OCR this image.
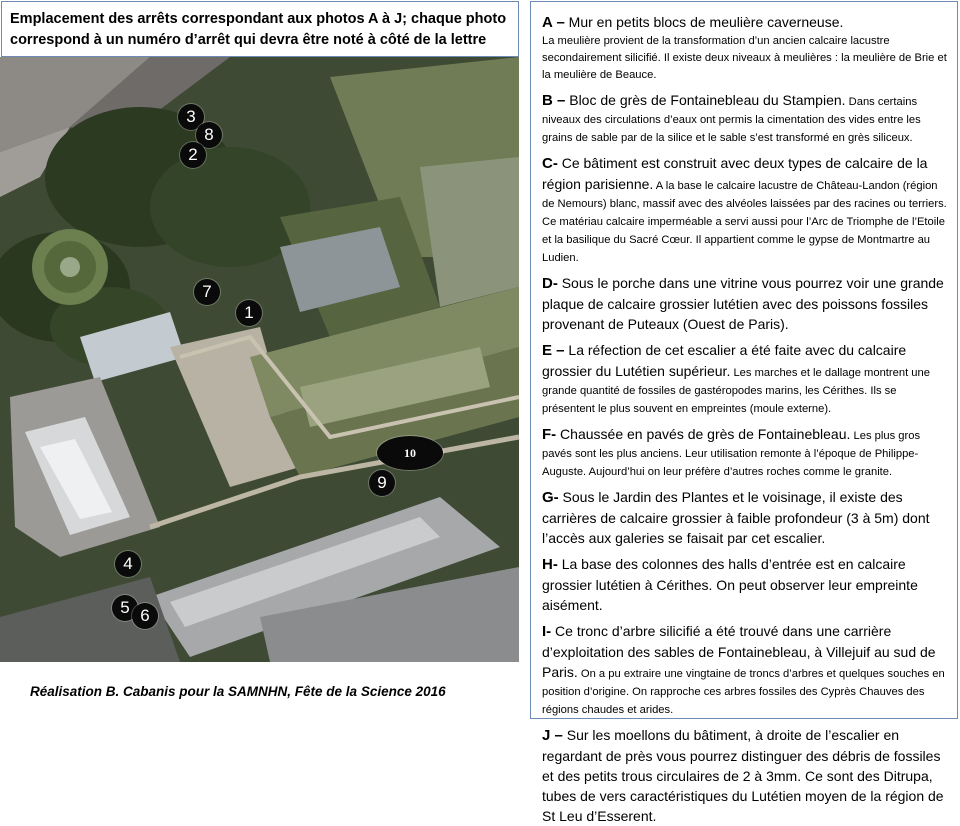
Emplacement des arrêts correspondant aux photos A à J; chaque photo
correspond à un numéro d’arrêt qui devra être noté à côté de la lettre
3
8
2
7
1
10
9
4
5 6
Réalisation B. Cabanis pour la SAMNHN, Fête de la Science 2016
A – Mur en petits blocs de meulière caverneuse.
La meulière provient de la transformation d’un ancien calcaire lacustre secondairement silicifié. Il existe deux niveaux à meulières : la meulière de Brie et la meulière de Beauce.
B – Bloc de grès de Fontainebleau du Stampien. Dans certains niveaux des circulations d’eaux ont permis la cimentation des vides entre les grains de sable par de la silice et le sable s’est transformé en grès siliceux.
C- Ce bâtiment est construit avec deux types de calcaire de la région parisienne. A la base le calcaire lacustre de Château-Landon (région de Nemours) blanc, massif avec des alvéoles laissées par des racines ou terriers. Ce matériau calcaire imperméable a servi aussi pour l’Arc de Triomphe de l’Etoile et la basilique du Sacré Cœur. Il appartient comme le gypse de Montmartre au Ludien.
D- Sous le porche dans une vitrine vous pourrez voir une grande plaque de calcaire grossier lutétien avec des poissons fossiles provenant de Puteaux (Ouest de Paris).
E – La réfection de cet escalier a été faite avec du calcaire grossier du Lutétien supérieur. Les marches et le dallage montrent une grande quantité de fossiles de gastéropodes marins, les Cérithes. Ils se présentent le plus souvent en empreintes (moule externe).
F- Chaussée en pavés de grès de Fontainebleau. Les plus gros pavés sont les plus anciens. Leur utilisation remonte à l’époque de Philippe-Auguste. Aujourd’hui on leur préfère d’autres roches comme le granite.
G- Sous le Jardin des Plantes et le voisinage, il existe des carrières de calcaire grossier à faible profondeur (3 à 5m) dont l’accès aux galeries se faisait par cet escalier.
H- La base des colonnes des halls d’entrée est en calcaire grossier lutétien à Cérithes. On peut observer leur empreinte aisément.
I- Ce tronc d’arbre silicifié a été trouvé dans une carrière d’exploitation des sables de Fontainebleau, à Villejuif au sud de Paris. On a pu extraire une vingtaine de troncs d’arbres et quelques souches en position d’origine. On rapproche ces arbres fossiles des Cyprès Chauves des régions chaudes et arides.
J – Sur les moellons du bâtiment, à droite de l’escalier en regardant de près vous pourrez distinguer des débris de fossiles et des petits trous circulaires de 2 à 3mm. Ce sont des Ditrupa, tubes de vers caractéristiques du Lutétien moyen de la région de St Leu d’Esserent.
